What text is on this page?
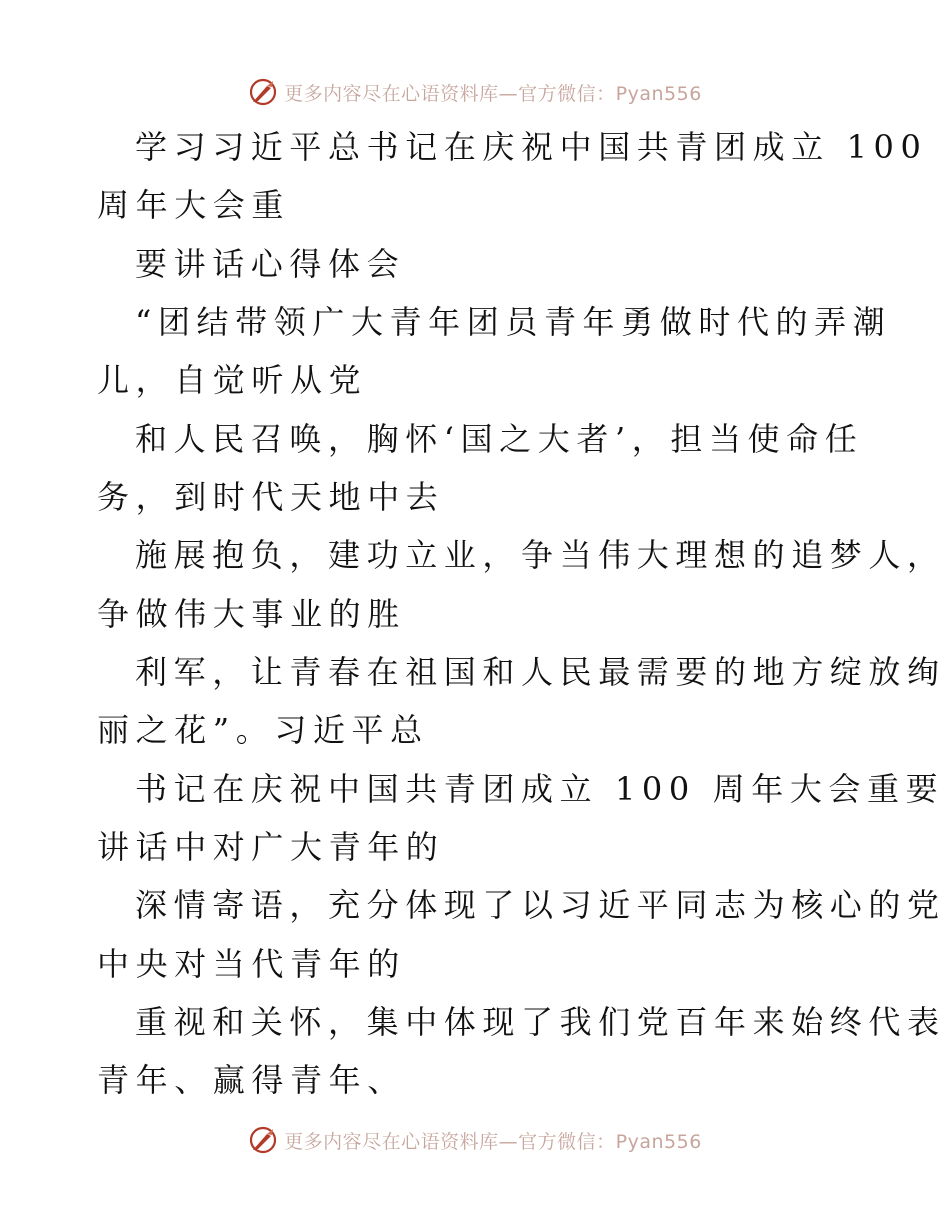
更多内容尽在心语资料库—官方微信：Pyan556
学习习近平总书记在庆祝中国共青团成立 100
周年大会重
要讲话心得体会
“团结带领广大青年团员青年勇做时代的弄潮
儿，自觉听从党
和人民召唤，胸怀‘国之大者’，担当使命任
务，到时代天地中去
施展抱负，建功立业，争当伟大理想的追梦人，
争做伟大事业的胜
利军，让青春在祖国和人民最需要的地方绽放绚
丽之花”。习近平总
书记在庆祝中国共青团成立 100 周年大会重要
讲话中对广大青年的
深情寄语，充分体现了以习近平同志为核心的党
中央对当代青年的
重视和关怀，集中体现了我们党百年来始终代表
青年、赢得青年、
更多内容尽在心语资料库—官方微信：Pyan556
